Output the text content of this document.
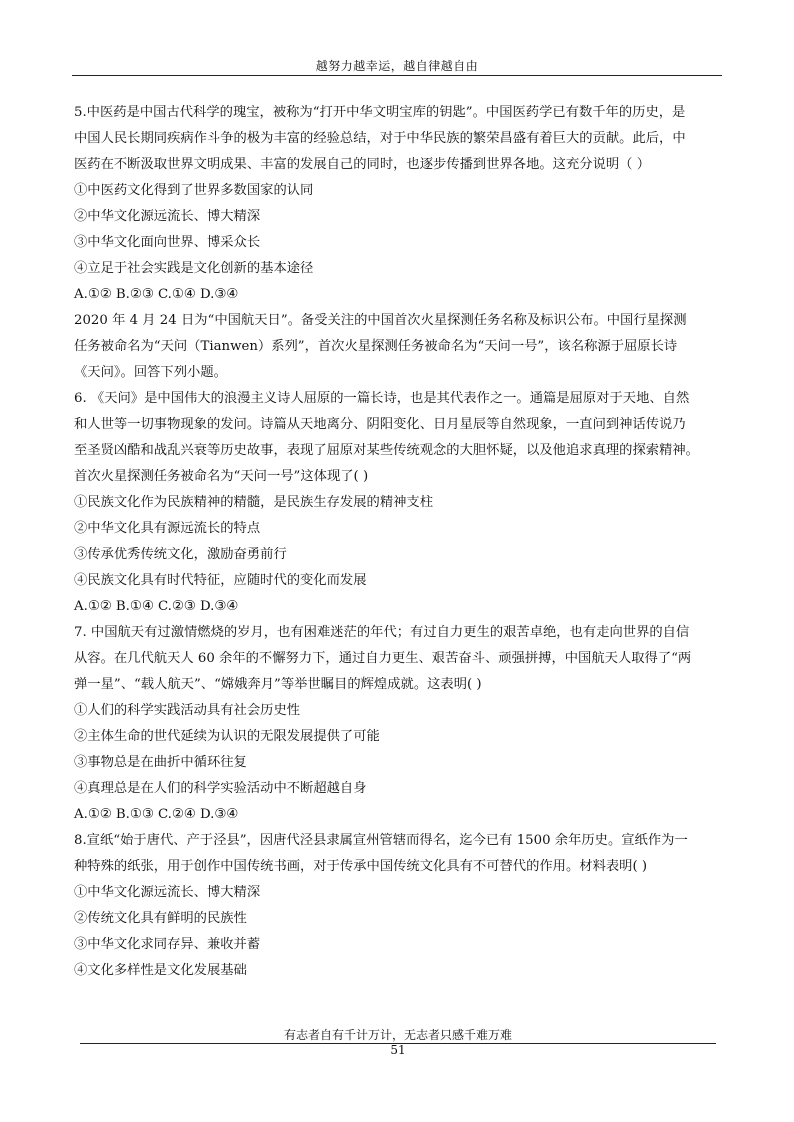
越努力越幸运，越自律越自由
5.中医药是中国古代科学的瑰宝，被称为“打开中华文明宝库的钥匙”。中国医药学已有数千年的历史，是
中国人民长期同疾病作斗争的极为丰富的经验总结，对于中华民族的繁荣昌盛有着巨大的贡献。此后，中
医药在不断汲取世界文明成果、丰富的发展自己的同时，也逐步传播到世界各地。这充分说明（ ）
①中医药文化得到了世界多数国家的认同
②中华文化源远流长、博大精深
③中华文化面向世界、博采众长
④立足于社会实践是文化创新的基本途径
A.①② B.②③ C.①④ D.③④
2020 年 4 月 24 日为“中国航天日”。备受关注的中国首次火星探测任务名称及标识公布。中国行星探测
任务被命名为“天问（Tianwen）系列”，首次火星探测任务被命名为“天问一号”，该名称源于屈原长诗
《天问》。回答下列小题。
6. 《天问》是中国伟大的浪漫主义诗人屈原的一篇长诗，也是其代表作之一。通篇是屈原对于天地、自然
和人世等一切事物现象的发问。诗篇从天地离分、阴阳变化、日月星辰等自然现象，一直问到神话传说乃
至圣贤凶酷和战乱兴衰等历史故事，表现了屈原对某些传统观念的大胆怀疑，以及他追求真理的探索精神。
首次火星探测任务被命名为“天问一号”这体现了( )
①民族文化作为民族精神的精髓，是民族生存发展的精神支柱
②中华文化具有源远流长的特点
③传承优秀传统文化，激励奋勇前行
④民族文化具有时代特征，应随时代的变化而发展
A.①② B.①④ C.②③ D.③④
7. 中国航天有过激情燃烧的岁月，也有困难迷茫的年代；有过自力更生的艰苦卓绝，也有走向世界的自信
从容。在几代航天人 60 余年的不懈努力下，通过自力更生、艰苦奋斗、顽强拼搏，中国航天人取得了“两
弹一星”、“载人航天”、“嫦娥奔月”等举世瞩目的辉煌成就。这表明( )
①人们的科学实践活动具有社会历史性
②主体生命的世代延续为认识的无限发展提供了可能
③事物总是在曲折中循环往复
④真理总是在人们的科学实验活动中不断超越自身
A.①② B.①③ C.②④ D.③④
8.宣纸“始于唐代、产于泾县”，因唐代泾县隶属宣州管辖而得名，迄今已有 1500 余年历史。宣纸作为一
种特殊的纸张，用于创作中国传统书画，对于传承中国传统文化具有不可替代的作用。材料表明( )
①中华文化源远流长、博大精深
②传统文化具有鲜明的民族性
③中华文化求同存异、兼收并蓄
④文化多样性是文化发展基础
有志者自有千计万计，无志者只感千难万难
51
